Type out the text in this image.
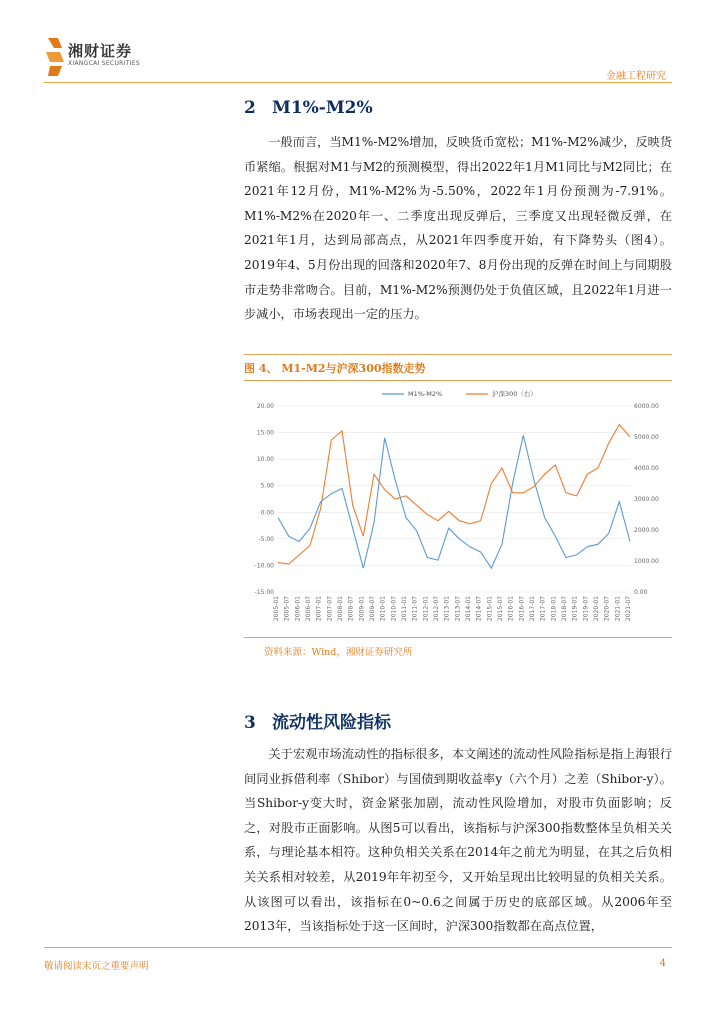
湘财证券
XIANGCAI SECURITIES
金融工程研究
2 M1%-M2%

一般而言，当M1%-M2%增加，反映货币宽松；M1%-M2%减少，反映货币紧缩。根据对M1与M2的预测模型，得出2022年1月M1同比与M2同比；在2021年12月份，M1%-M2%为-5.50%，2022年1月份预测为-7.91%。M1%-M2%在2020年一、二季度出现反弹后，三季度又出现轻微反弹，在2021年1月，达到局部高点，从2021年四季度开始，有下降势头（图4）。2019年4、5月份出现的回落和2020年7、8月份出现的反弹在时间上与同期股市走势非常吻合。目前，M1%-M2%预测仍处于负值区域，且2022年1月进一步减小，市场表现出一定的压力。

图 4、 M1-M2与沪深300指数走势
20.00
15.00
10.00
5.00
0.00
-5.00
-10.00
-15.00
6000.00
5000.00
4000.00
3000.00
2000.00
1000.00
0.00
2005-01 2005-07 2006-01 2006-07 2007-01 2007-07 2008-01 2008-07 2009-01 2009-07 2010-01 2010-07 2011-01 2011-07 2012-01 2012-07 2013-01 2013-07 2014-01 2014-07 2015-01 2015-07 2016-01 2016-07 2017-01 2017-07 2018-01 2018-07 2019-01 2019-07 2020-01 2020-07 2021-01 2021-07
M1%-M2%	沪深300（右）
资料来源：Wind，湘财证券研究所
3 流动性风险指标

关于宏观市场流动性的指标很多，本文阐述的流动性风险指标是指上海银行间同业拆借利率（Shibor）与国债到期收益率y（六个月）之差（Shibor-y）。当Shibor-y变大时，资金紧张加剧，流动性风险增加，对股市负面影响；反之，对股市正面影响。从图5可以看出，该指标与沪深300指数整体呈负相关关系，与理论基本相符。这种负相关关系在2014年之前尤为明显，在其之后负相关关系相对较差，从2019年年初至今，又开始呈现出比较明显的负相关关系。从该图可以看出，该指标在0~0.6之间属于历史的底部区域。从2006年至2013年，当该指标处于这一区间时，沪深300指数都在高点位置，

敬请阅读末页之重要声明	4
